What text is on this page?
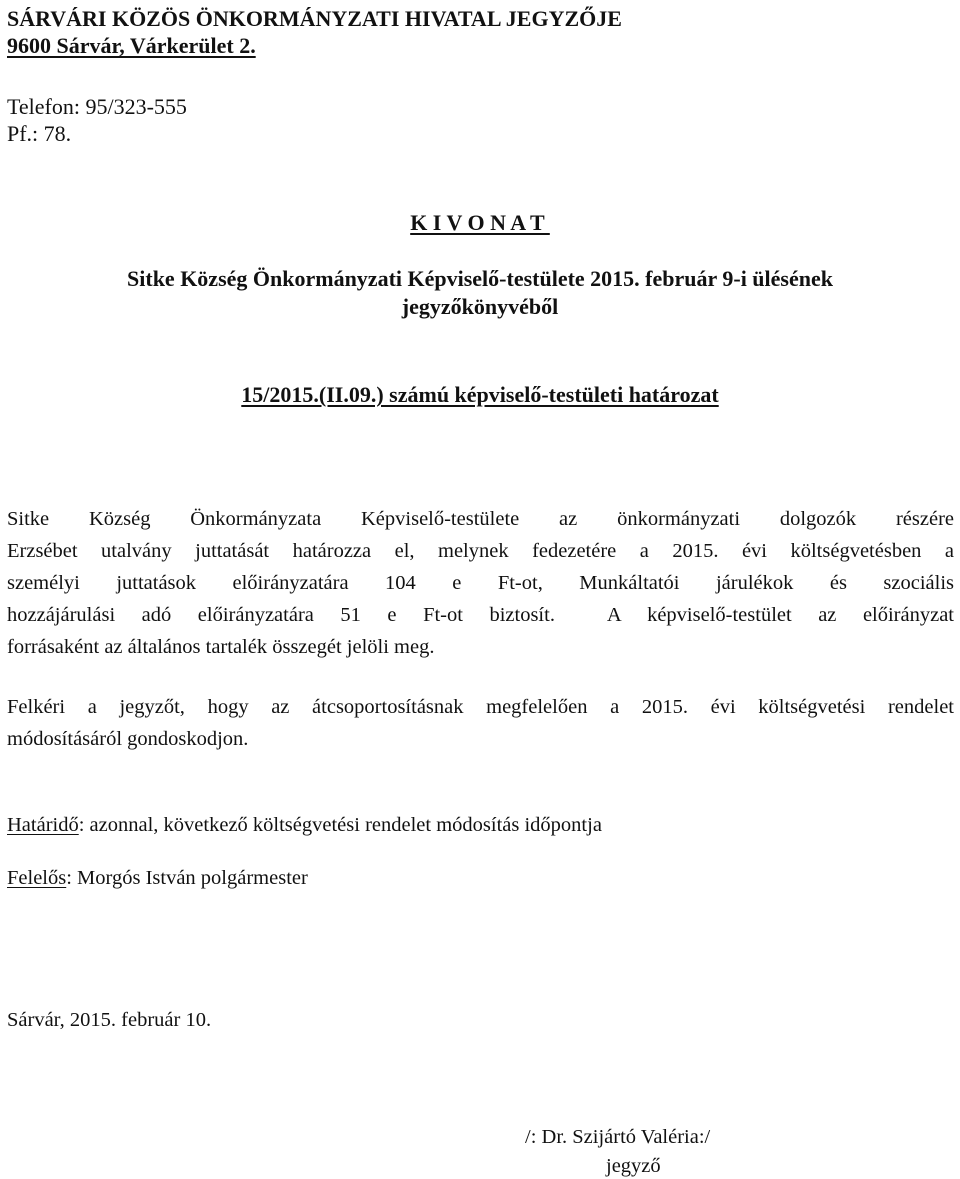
SÁRVÁRI KÖZÖS ÖNKORMÁNYZATI HIVATAL JEGYZŐJE
9600 Sárvár, Várkerület 2.
Telefon: 95/323-555
Pf.: 78.
K I V O N A T
Sitke Község Önkormányzati Képviselő-testülete 2015. február 9-i ülésének
jegyzőkönyvéből
15/2015.(II.09.) számú képviselő-testületi határozat
Sitke Község Önkormányzata Képviselő-testülete az önkormányzati dolgozók részére
Erzsébet utalvány juttatását határozza el, melynek fedezetére a 2015. évi költségvetésben a
személyi juttatások előirányzatára 104 e Ft-ot, Munkáltatói járulékok és szociális
hozzájárulási adó előirányzatára 51 e Ft-ot biztosít.  A képviselő-testület az előirányzat
forrásaként az általános tartalék összegét jelöli meg.
Felkéri a jegyzőt, hogy az átcsoportosításnak megfelelően a 2015. évi költségvetési rendelet
módosításáról gondoskodjon.
Határidő: azonnal, következő költségvetési rendelet módosítás időpontja
Felelős: Morgós István polgármester
Sárvár, 2015. február 10.
/: Dr. Szijártó Valéria:/
jegyző
